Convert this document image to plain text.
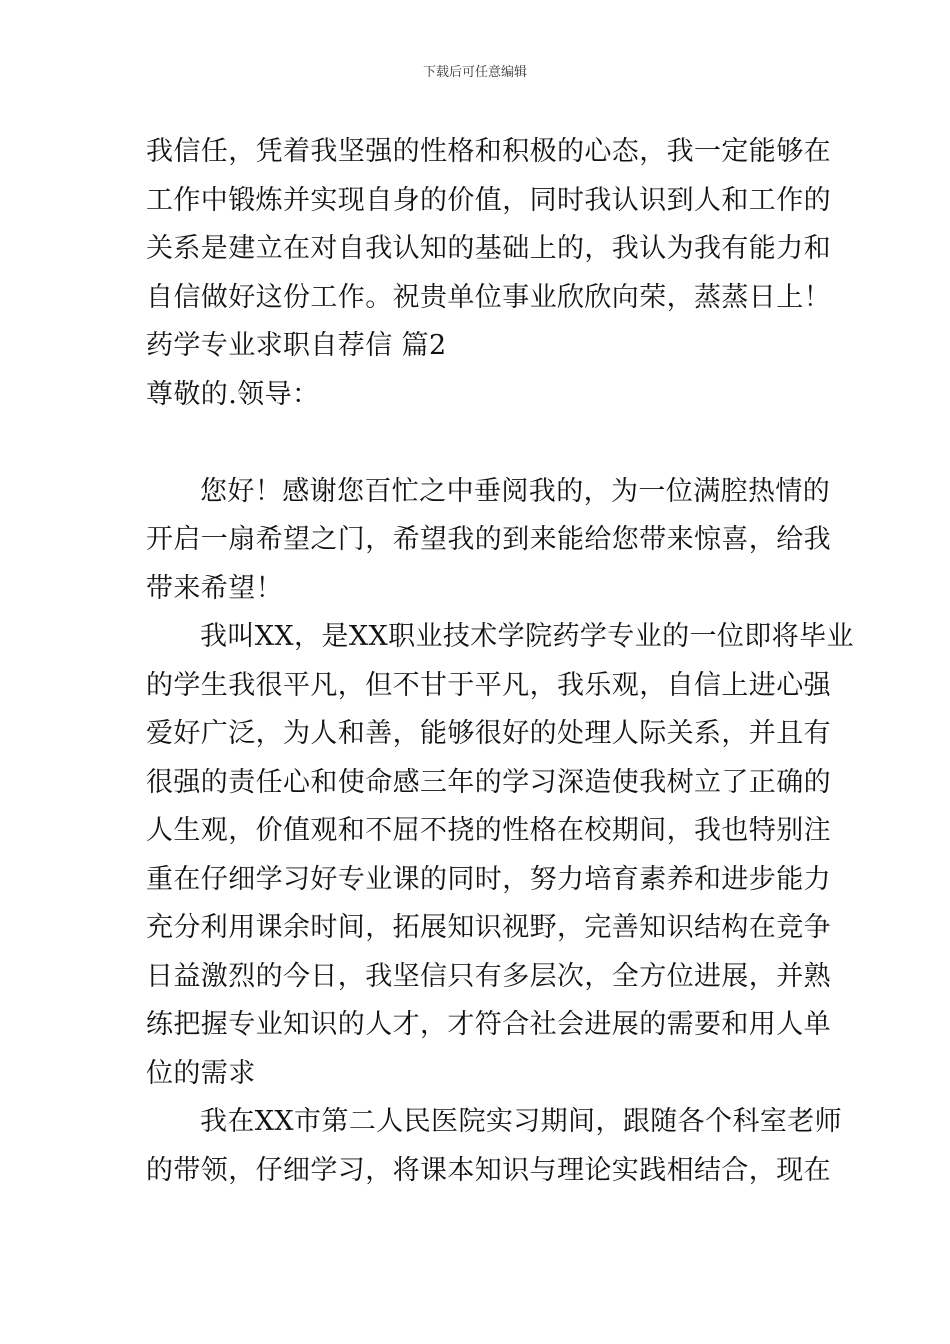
下载后可任意编辑
我信任，凭着我坚强的性格和积极的心态，我一定能够在
工作中锻炼并实现自身的价值，同时我认识到人和工作的
关系是建立在对自我认知的基础上的，我认为我有能力和
自信做好这份工作。祝贵单位事业欣欣向荣，蒸蒸日上！
药学专业求职自荐信 篇2
尊敬的.领导：
您好！感谢您百忙之中垂阅我的，为一位满腔热情的
开启一扇希望之门，希望我的到来能给您带来惊喜，给我
带来希望！
我叫XX，是XX职业技术学院药学专业的一位即将毕业
的学生我很平凡，但不甘于平凡，我乐观，自信上进心强
爱好广泛，为人和善，能够很好的处理人际关系，并且有
很强的责任心和使命感三年的学习深造使我树立了正确的
人生观，价值观和不屈不挠的性格在校期间，我也特别注
重在仔细学习好专业课的同时，努力培育素养和进步能力
充分利用课余时间，拓展知识视野，完善知识结构在竞争
日益激烈的今日，我坚信只有多层次，全方位进展，并熟
练把握专业知识的人才，才符合社会进展的需要和用人单
位的需求
我在XX市第二人民医院实习期间，跟随各个科室老师
的带领，仔细学习，将课本知识与理论实践相结合，现在
